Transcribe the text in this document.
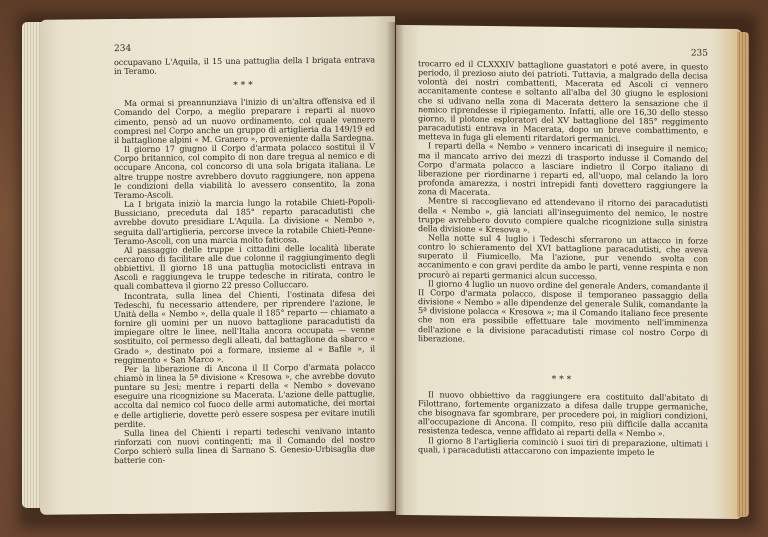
234

occupavano L'Aquila, il 15 una pattuglia della I brigata entrava in Teramo.

***

Ma ormai si preannunziava l'inizio di un'altra offensiva ed il Comando del Corpo, a meglio preparare i reparti al nuovo cimento, pensò ad un nuovo ordinamento, col quale vennero compresi nel Corpo anche un gruppo di artiglieria da 149/19 ed il battaglione alpini « M. Granero », proveniente dalla Sardegna.

Il giorno 17 giugno il Corpo d'armata polacco sostituì il V Corpo britannico, col compito di non dare tregua al nemico e di occupare Ancona, col concorso di una sola brigata italiana. Le altre truppe nostre avrebbero dovuto raggiungere, non appena le condizioni della viabilità lo avessero consentito, la zona Teramo-Ascoli.

La I brigata iniziò la marcia lungo la rotabile Chieti-Popoli-Bussiciano, preceduta dal 185° reparto paracadutisti che avrebbe dovuto presidiare L'Aquila. La divisione « Nembo », seguita dall'artiglieria, percorse invece la rotabile Chieti-Penne-Teramo-Ascoli, con una marcia molto faticosa.

Al passaggio delle truppe i cittadini delle località liberate cercarono di facilitare alle due colonne il raggiungimento degli obbiettivi. Il giorno 18 una pattuglia motociclisti entrava in Ascoli e raggiungeva le truppe tedesche in ritirata, contro le quali combatteva il giorno 22 presso Colluccaro.

Incontrata, sulla linea del Chienti, l'ostinata difesa dei Tedeschi, fu necessario attendere, per riprendere l'azione, le Unità della « Nembo », della quale il 185° reparto — chiamato a fornire gli uomini per un nuovo battaglione paracadutisti da impiegare oltre le linee, nell'Italia ancora occupata — venne sostituito, col permesso degli alleati, dal battaglione da sbarco « Grado », destinato poi a formare, insieme al « Bafile », il reggimento « San Marco ».

Per la liberazione di Ancona il II Corpo d'armata polacco chiamò in linea la 5ª divisione « Kresowa », che avrebbe dovuto puntare su Jesi; mentre i reparti della « Nembo » dovevano eseguire una ricognizione su Macerata. L'azione delle pattuglie, accolta dal nemico col fuoco delle armi automatiche, dei mortai e delle artiglierie, dovette però essere sospesa per evitare inutili perdite.

Sulla linea del Chienti i reparti tedeschi venivano intanto rinforzati con nuovi contingenti; ma il Comando del nostro Corpo schierò sulla linea di Sarnano S. Genesio-Urbisaglia due batterie con-

235

trocarro ed il CLXXXIV battaglione guastatori e poté avere, in questo periodo, il prezioso aiuto dei patrioti. Tuttavia, a malgrado della decisa volontà dei nostri combattenti, Macerata ed Ascoli ci vennero accanitamente contese e soltanto all'alba del 30 giugno le esplosioni che si udivano nella zona di Macerata dettero la sensazione che il nemico riprendesse il ripiegamento. Infatti, alle ore 16,30 dello stesso giorno, il plotone esploratori del XV battaglione del 185° reggimento paracadutisti entrava in Macerata, dopo un breve combattimento, e metteva in fuga gli elementi ritardatori germanici.

I reparti della « Nembo » vennero incaricati di inseguire il nemico; ma il mancato arrivo dei mezzi di trasporto indusse il Comando del Corpo d'armata polacco a lasciare indietro il Corpo italiano di liberazione per riordinarne i reparti ed, all'uopo, mal celando la loro profonda amarezza, i nostri intrepidi fanti dovettero raggiungere la zona di Macerata.

Mentre si raccoglievano ed attendevano il ritorno dei paracadutisti della « Nembo », già lanciati all'inseguimento del nemico, le nostre truppe avrebbero dovuto compiere qualche ricognizione sulla sinistra della divisione « Kresowa ».

Nella notte sul 4 luglio i Tedeschi sferrarono un attacco in forze contro lo schieramento del XVI battaglione paracadutisti, che aveva superato il Fiumicello. Ma l'azione, pur venendo svolta con accanimento e con gravi perdite da ambo le parti, venne respinta e non procurò ai reparti germanici alcun successo.

Il giorno 4 luglio un nuovo ordine del generale Anders, comandante il II Corpo d'armata polacco, dispose il temporaneo passaggio della divisione « Nembo » alle dipendenze del generale Sulik, comandante la 5ª divisione polacca « Kresowa »; ma il Comando italiano fece presente che non era possibile effettuare tale movimento nell'imminenza dell'azione e la divisione paracadutisti rimase col nostro Corpo di liberazione.

***

Il nuovo obbiettivo da raggiungere era costituito dall'abitato di Filottrano, fortemente organizzato a difesa dalle truppe germaniche, che bisognava far sgombrare, per procedere poi, in migliori condizioni, all'occupazione di Ancona. Il compito, reso più difficile dalla accanita resistenza tedesca, venne affidato ai reparti della « Nembo ».

Il giorno 8 l'artiglieria cominciò i suoi tiri di preparazione, ultimati i quali, i paracadutisti attaccarono con impaziente impeto le
